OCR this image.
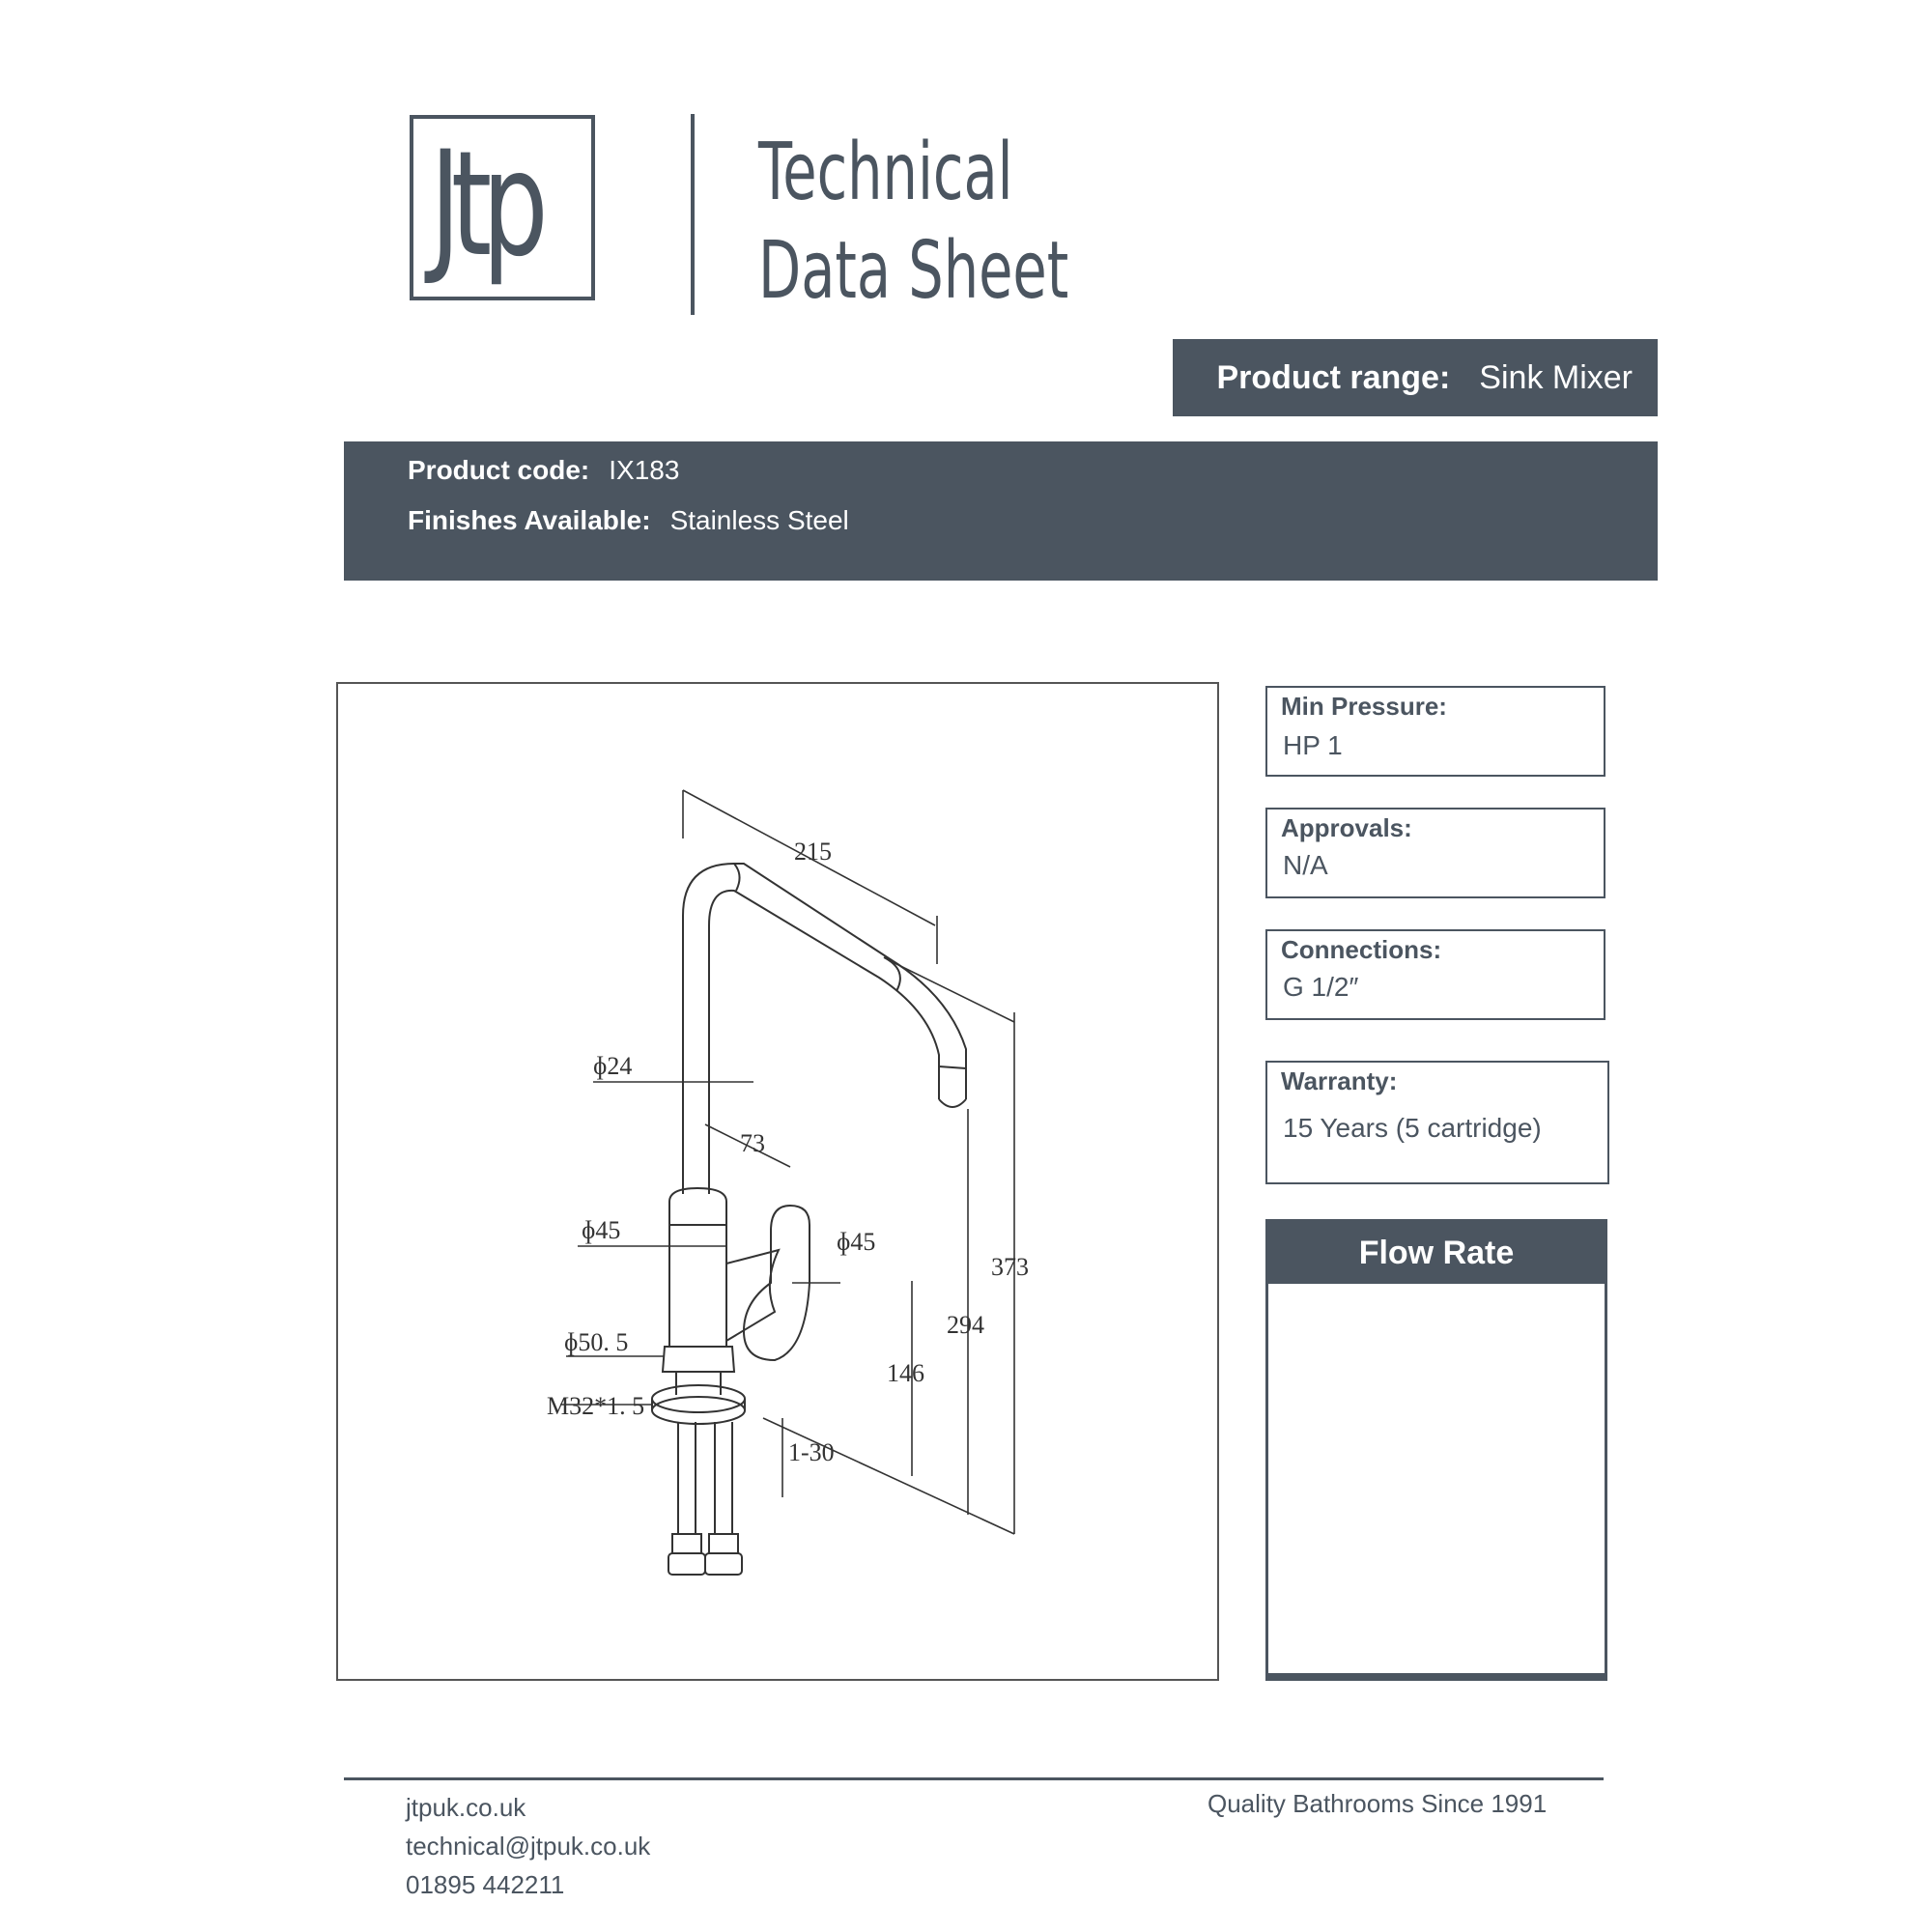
Jtp	Technical
Data Sheet
Product range: Sink Mixer
Product code: IX183
Finishes Available: Stainless Steel
215
ɸ24
73
ɸ45	ɸ45
ɸ50. 5
M32*1. 5
373
294
146
1-30
Min Pressure:
HP 1
Approvals:
N/A
Connections:
G 1/2″
Warranty:
15 Years (5 cartridge)
Flow Rate
jtpuk.co.uk
technical@jtpuk.co.uk
01895 442211
Quality Bathrooms Since 1991
